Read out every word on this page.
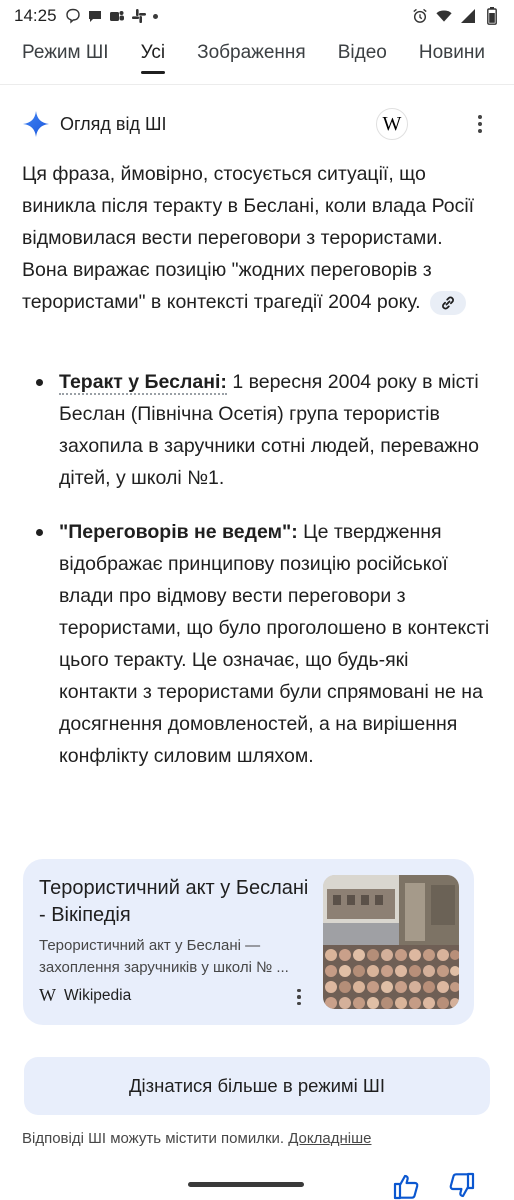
14:25
Режим ШІ Усі Зображення Відео Новини
Огляд від ШІ	W
Ця фраза, ймовірно, стосується ситуації, що виникла після теракту в Беслані, коли влада Росії відмовилася вести переговори з терористами. Вона виражає позицію "жодних переговорів з терористами" в контексті трагедії 2004 року.
Теракт у Беслані: 1 вересня 2004 року в місті Беслан (Північна Осетія) група терористів захопила в заручники сотні людей, переважно дітей, у школі №1.
"Переговорів не ведем": Це твердження відображає принципову позицію російської влади про відмову вести переговори з терористами, що було проголошено в контексті цього теракту. Це означає, що будь-які контакти з терористами були спрямовані не на досягнення домовленостей, а на вирішення конфлікту силовим шляхом.
Терористичний акт у Беслані - Вікіпедія
Терористичний акт у Беслані — захоплення заручників у школі № ...
W Wikipedia
Дізнатися більше в режимі ШІ
Відповіді ШІ можуть містити помилки. Докладніше
